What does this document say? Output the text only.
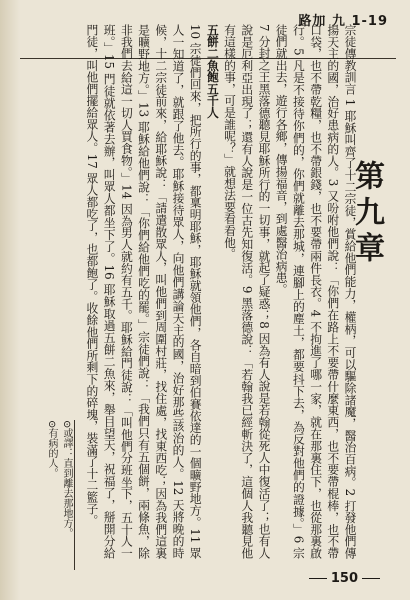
路加 九 1-19
第九章

宗徒傳教訓言 1 耶穌叫齊了十二宗徒，賞給他們能力，權柄，可以驅除諸魔，醫治百病。2 打發他們傳揚天主的國，治好患病的人。3 又吩咐他們說：「你們在路上不要帶什麼東西，也不要帶棍棒，也不帶口袋，也不帶乾糧，也不帶銀錢，也不要帶兩件長衣。4 不拘進了哪一家，就在那裏住下，也從那裏啟行。5 凡是不接待你們的，你們就離去那城，連腳上的塵土，都要抖下去，為反對他們的證據。」6 宗徒們就出去，遊行各鄉，傳揚福音，到處醫治病患。

7 分封之王黑落德聽見耶穌所行的一切事，就起了疑惑；8 因為有人說是若翰從死人中復活了；也有人說是厄利亞出現了；還有人說是一位古先知復活。9 黑落德說：「若翰我已經斬決了，這個人我聽見他有這樣的事，可是誰呢？」就想法要看看他。

五餅二魚飽五千人

10 宗徒們回來，把所行的事，都稟明耶穌，耶穌就領他們，各自暗到伯賽依達的一個曠野地方。11 眾人一知道了，就跟了他去。耶穌接待眾人，向他們講論天主的國，治好那些該治的人。12 天將晚的時候，十二宗徒前來，給耶穌說：「請遣散眾人，叫他們到周圍村莊，找住處，找東西吃；因為我們這裏是曠野地方。」13 耶穌給他們說：「你們給他們吃的罷。」宗徒們說：「我們只有五個餅，兩條魚，除非我們去給這一切人買食物。」14 因為男人就約有五千。耶穌給門徒說：「叫他們分班坐下，五十人一班。」15 門徒就依著去辦，叫眾人都坐下了。16 耶穌取過五餅二魚來，舉目望天，祝福了，掰開分給門徒，叫他們擺給眾人。17 眾人都吃了，也都飽了。收餘他們所剩下的碎塊，裝滿了十二籃子。

⊙或譯：直到離去那地方。
⊙有病的人。
150
